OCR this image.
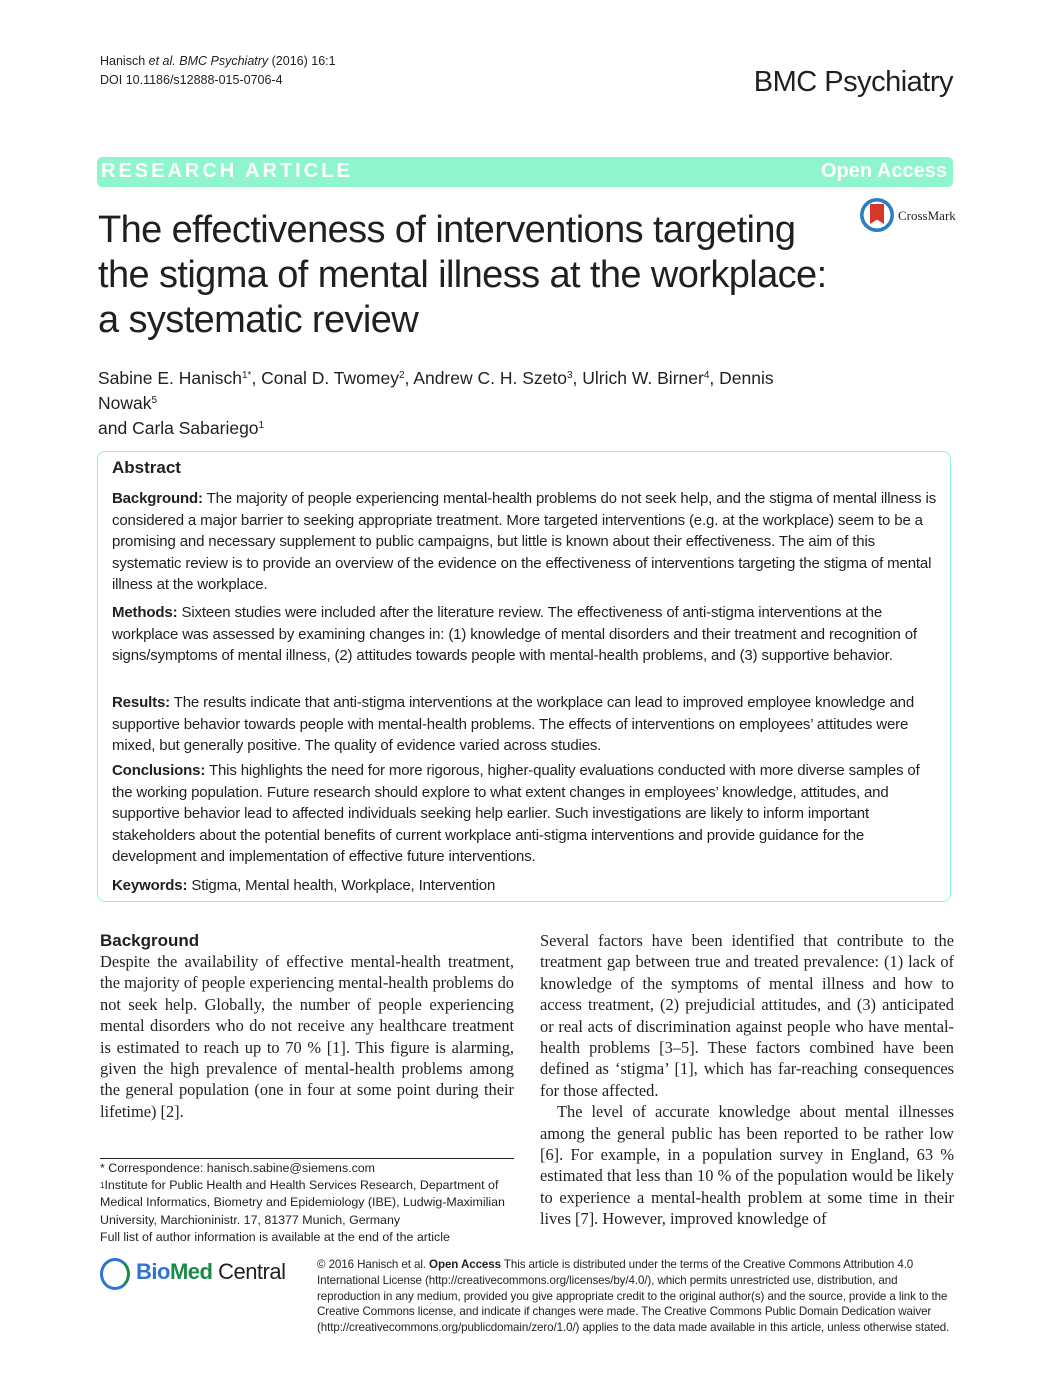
Hanisch et al. BMC Psychiatry (2016) 16:1
DOI 10.1186/s12888-015-0706-4	BMC Psychiatry
RESEARCH ARTICLE	Open Access
The effectiveness of interventions targeting the stigma of mental illness at the workplace: a systematic review
CrossMark
Sabine E. Hanisch$^{1*}$, Conal D. Twomey$^2$, Andrew C. H. Szeto$^3$, Ulrich W. Birner$^4$, Dennis Nowak$^5$
and Carla Sabariego$^1$
Abstract
Background: The majority of people experiencing mental-health problems do not seek help, and the stigma of mental illness is considered a major barrier to seeking appropriate treatment. More targeted interventions (e.g. at the workplace) seem to be a promising and necessary supplement to public campaigns, but little is known about their effectiveness. The aim of this systematic review is to provide an overview of the evidence on the effectiveness of interventions targeting the stigma of mental illness at the workplace.
Methods: Sixteen studies were included after the literature review. The effectiveness of anti-stigma interventions at the workplace was assessed by examining changes in: (1) knowledge of mental disorders and their treatment and recognition of signs/symptoms of mental illness, (2) attitudes towards people with mental-health problems, and (3) supportive behavior.
Results: The results indicate that anti-stigma interventions at the workplace can lead to improved employee knowledge and supportive behavior towards people with mental-health problems. The effects of interventions on employees’ attitudes were mixed, but generally positive. The quality of evidence varied across studies.
Conclusions: This highlights the need for more rigorous, higher-quality evaluations conducted with more diverse samples of the working population. Future research should explore to what extent changes in employees’ knowledge, attitudes, and supportive behavior lead to affected individuals seeking help earlier. Such investigations are likely to inform important stakeholders about the potential benefits of current workplace anti-stigma interventions and provide guidance for the development and implementation of effective future interventions.
Keywords: Stigma, Mental health, Workplace, Intervention
Background

Despite the availability of effective mental-health treatment, the majority of people experiencing mental-health problems do not seek help. Globally, the number of people experiencing mental disorders who do not receive any healthcare treatment is estimated to reach up to 70 % [1]. This figure is alarming, given the high prevalence of mental-health problems among the general population (one in four at some point during their lifetime) [2].

Several factors have been identified that contribute to the treatment gap between true and treated prevalence: (1) lack of knowledge of the symptoms of mental illness and how to access treatment, (2) prejudicial attitudes, and (3) anticipated or real acts of discrimination against people who have mental-health problems [3–5]. These factors combined have been defined as ‘stigma’ [1], which has far-reaching consequences for those affected.

The level of accurate knowledge about mental illnesses among the general public has been reported to be rather low [6]. For example, in a population survey in England, 63 % estimated that less than 10 % of the population would be likely to experience a mental-health problem at some time in their lives [7]. However, improved knowledge of

* Correspondence: hanisch.sabine@siemens.com
$^1$Institute for Public Health and Health Services Research, Department of Medical Informatics, Biometry and Epidemiology (IBE), Ludwig-Maximilian University, Marchioninistr. 17, 81377 Munich, Germany
Full list of author information is available at the end of the article
BioMed Central	© 2016 Hanisch et al. Open Access This article is distributed under the terms of the Creative Commons Attribution 4.0 International License (http://creativecommons.org/licenses/by/4.0/), which permits unrestricted use, distribution, and reproduction in any medium, provided you give appropriate credit to the original author(s) and the source, provide a link to the Creative Commons license, and indicate if changes were made. The Creative Commons Public Domain Dedication waiver (http://creativecommons.org/publicdomain/zero/1.0/) applies to the data made available in this article, unless otherwise stated.
